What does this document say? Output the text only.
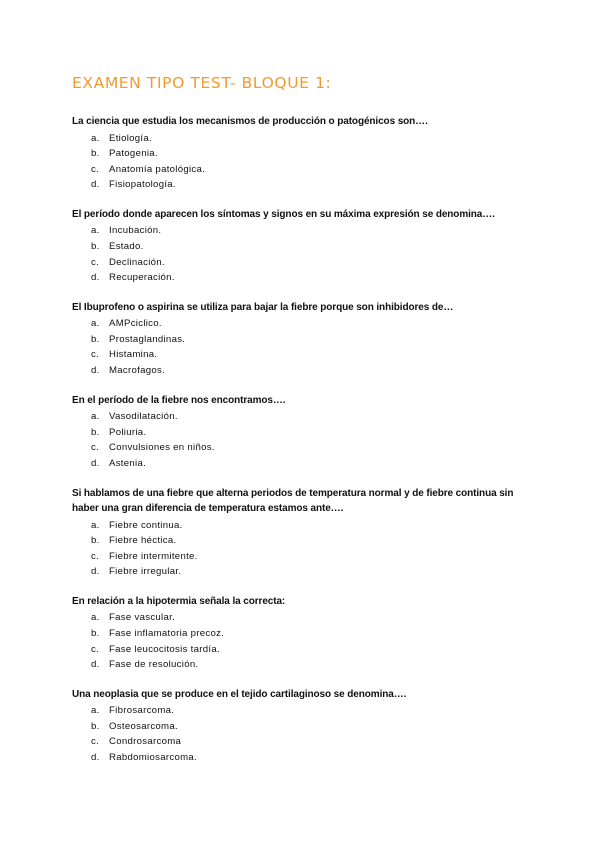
EXAMEN TIPO TEST- BLOQUE 1:

La ciencia que estudia los mecanismos de producción o patogénicos son….

a. Etiología.
b. Patogenia.
c.	Anatomía patológica.
d. Fisiopatología.

El período donde aparecen los síntomas y signos en su máxima expresión se denomina….

a. Incubación.
b. Estado.
c.	Declinación.
d. Recuperación.

El Ibuprofeno o aspirina se utiliza para bajar la fiebre porque son inhibidores de…

a. AMPciclico.
b. Prostaglandinas.
c.	Histamina.
d. Macrofagos.

En el período de la fiebre nos encontramos….

a. Vasodilatación.
b. Poliuria.
c.	Convulsiones en niños.
d. Astenia.

Si hablamos de una fiebre que alterna periodos de temperatura normal y de fiebre continua sin haber una gran diferencia de temperatura estamos ante….

a. Fiebre continua.
b. Fiebre héctica.
c.	Fiebre intermitente.
d. Fiebre irregular.

En relación a la hipotermia señala la correcta:

a. Fase vascular.
b. Fase inflamatoria precoz.
c.	Fase leucocitosis tardía.
d. Fase de resolución.

Una neoplasia que se produce en el tejido cartilaginoso se denomina….

a. Fibrosarcoma.
b. Osteosarcoma.
c.	Condrosarcoma
d. Rabdomiosarcoma.
